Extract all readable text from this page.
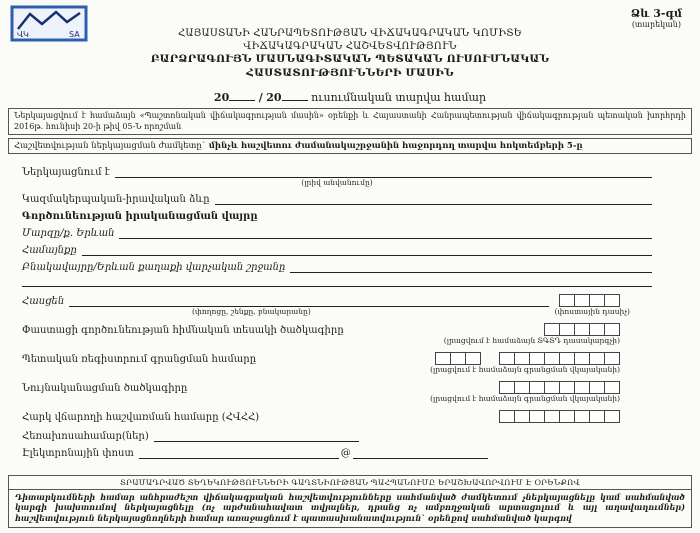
ՎԿ	SA
Ձև 3-գմ
(տարեկան)
ՀԱՅԱՍՏԱՆԻ ՀԱՆՐԱՊԵՏՈՒԹՅԱՆ ՎԻՃԱԿԱԳՐԱԿԱՆ ԿՈՄԻՏԵ
ՎԻՃԱԿԱԳՐԱԿԱՆ ՀԱՇՎԵՏՎՈՒԹՅՈՒՆ
ԲԱՐՁՐԱԳՈՒՅՆ ՄԱՍՆԱԳԻՏԱԿԱՆ ՊԵՏԱԿԱՆ ՈՒՍՈՒՄՆԱԿԱՆ
ՀԱՍՏԱՏՈՒԹՅՈՒՆՆԵՐԻ ՄԱՍԻՆ
20	/ 20	ուսումնական տարվա համար
Ներկայացվում է համաձայն «Պաշտոնական վիճակագրության մասին» օրենքի և Հայաստանի Հանրապետության վիճակագրության պետական խորհրդի 2016թ. հունիսի 20-ի թիվ 05-Ն որոշման
Հաշվետվության ներկայացման ժամկետը` մինչև հաշվետու ժամանակաշրջանին հաջորդող տարվա հոկտեմբերի 5-ը
Ներկայացնում է
(լրիվ անվանումը)
Կազմակերպական-իրավական ձևը
Գործունեության իրականացման վայրը
Մարզը/ք. Երևան
Համայնքը
Բնակավայրը/Երևան քաղաքի վարչական շրջանը
Հասցեն
(փողոցը, շենքը, բնակարանը)	(փոստային դասիչ)
Փաստացի գործունեության հիմնական տեսակի ծածկագիրը
(լրացվում է համաձայն ՏԳՏԴ դասակարգչի)
Պետական ռեգիստրում գրանցման համարը
(լրացվում է համաձայն գրանցման վկայականի)
Նույնականացման ծածկագիրը
(լրացվում է համաձայն գրանցման վկայականի)
Հարկ վճարողի հաշվառման համարը (ՀՎՀՀ)
Հեռախոսահամար(ներ)
Էլեկտրոնային փոստ	@
ՏՐԱՄԱԴՐՎԱԾ ՏԵՂԵԿՈՒԹՅՈՒՆՆԵՐԻ ԳԱՂՏՆԻՈՒԹՅԱՆ ՊԱՀՊԱՆՈՒՄԸ ԵՐԱՇԽԱՎՈՐՎՈՒՄ Է ՕՐԵՆՔՈՎ
Դիտարկումների համար անհրաժեշտ վիճակագրական հաշվետվությունները սահմանված ժամկետում չներկայացնելը կամ սահմանված կարգի խախտումով ներկայացնելը (ոչ արժանահավատ տվյալներ, դրանց ոչ ամբողջական արտացոլում և այլ աղավաղումներ) հաշվետվություն ներկայացնողների համար առաջացնում է պատասխանատվություն` օրենքով սահմանված կարգով
